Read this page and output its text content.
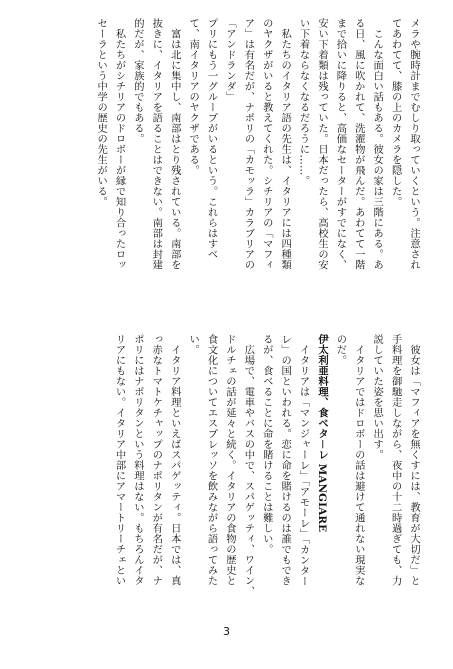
メラや腕時計までむしり取っていくという。注意され

てあわてて、膝の上のカメラを隠した。

　こんな面白い話もある。彼女の家は三階にある。あ

る日、風に吹かれて、洗濯物が飛んだ。あわてて一階

まで拾いに降りると、高価なセーターがすでになく、

安い下着類は残っていた。日本だったら、高校生の安

い下着ならなくなるだろうに……。

　私たちのイタリア語の先生は、イタリアには四種類

のヤクザがいると教えてくれた。シチリアの「マフィ

ア」は有名だが、ナポリの「カモッラ」カラブリアの

「アンドランダ」

プリにもう一グループがいるという。これらはすべ

て、南イタリアのヤクザである。

　富は北に集中し、南部はとり残されている。南部を

抜きに、イタリアを語ることはできない。南部は封建

的だが、家族的でもある。

　私たちがシチリアのドロボーが縁で知り合ったロッ

セーラという中学の歴史の先生がいる。

　彼女は「マフィアを無くすには、教育が大切だ」と

手料理を御馳走しながら、夜中の十二時過ぎても、力

説していた姿を思い出す。

　イタリアではドロボーの話は避けて通れない現実な

のだ。

伊太利亜料理、食べタ－レ MANGIARE

　イタリアは「マンジャーレ」「アモーレ」「カンター

レ」の国といわれる。恋に命を賭けるのは誰でもでき

るが、食べることに命を賭けることは難しい。

　広場で、電車やバスの中で、スパゲッティ、ワイン、

ドルチェの話が延々と続く。イタリアの食物の歴史と

食文化についてエスプレッソを飲みながら語ってみた

い。

　イタリア料理といえばスパゲッティ。日本では、真

っ赤なトマトケチャップのナポリタンが有名だが、ナ

ポリにはナポリタンという料理はない。もちろんイタ

リアにもない。イタリア中部にアマートリーチェとい

3
